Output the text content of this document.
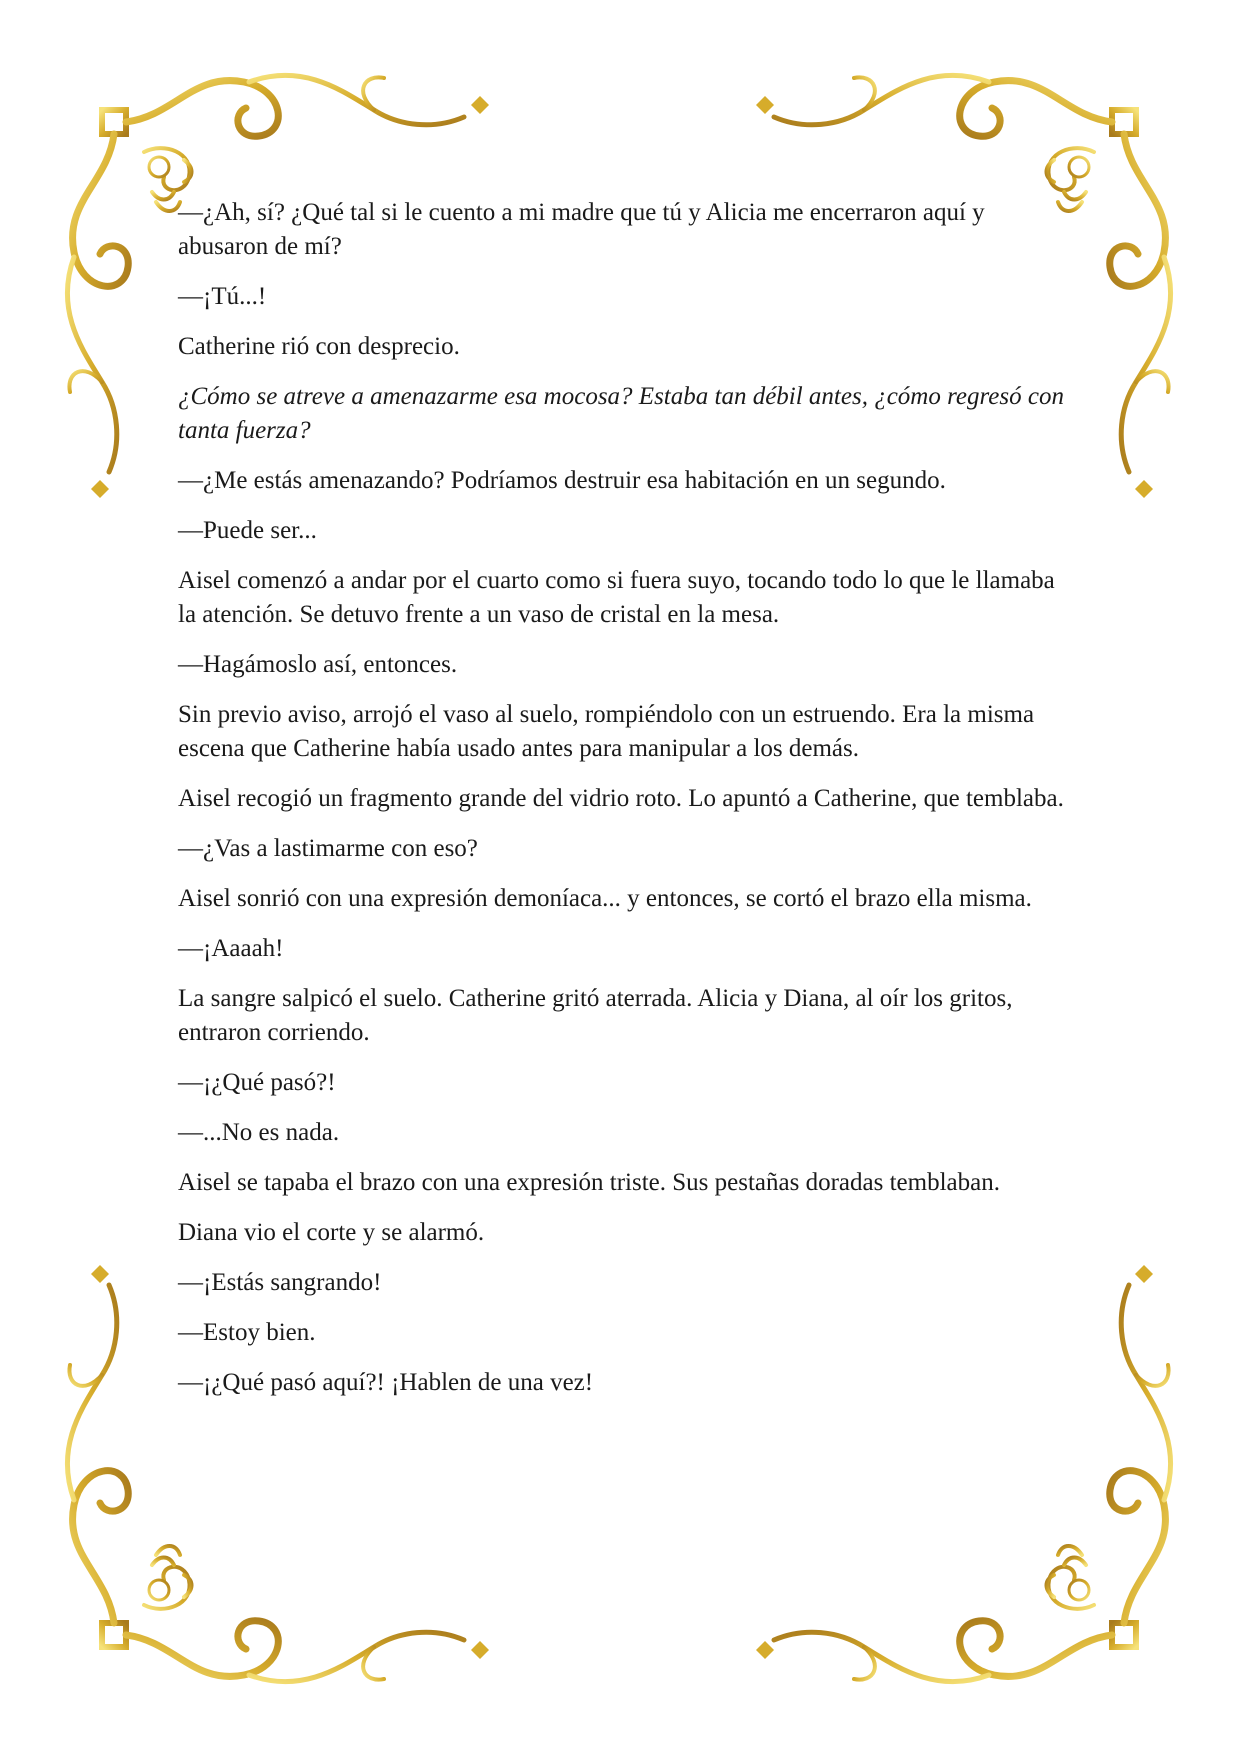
—¿Ah, sí? ¿Qué tal si le cuento a mi madre que tú y Alicia me encerraron aquí y abusaron de mí?

—¡Tú...!

Catherine rió con desprecio.

¿Cómo se atreve a amenazarme esa mocosa? Estaba tan débil antes, ¿cómo regresó con tanta fuerza?

—¿Me estás amenazando? Podríamos destruir esa habitación en un segundo.

—Puede ser...

Aisel comenzó a andar por el cuarto como si fuera suyo, tocando todo lo que le llamaba la atención. Se detuvo frente a un vaso de cristal en la mesa.

—Hagámoslo así, entonces.

Sin previo aviso, arrojó el vaso al suelo, rompiéndolo con un estruendo. Era la misma escena que Catherine había usado antes para manipular a los demás.

Aisel recogió un fragmento grande del vidrio roto. Lo apuntó a Catherine, que temblaba.

—¿Vas a lastimarme con eso?

Aisel sonrió con una expresión demoníaca... y entonces, se cortó el brazo ella misma.

—¡Aaaah!

La sangre salpicó el suelo. Catherine gritó aterrada. Alicia y Diana, al oír los gritos, entraron corriendo.

—¡¿Qué pasó?!

—...No es nada.

Aisel se tapaba el brazo con una expresión triste. Sus pestañas doradas temblaban.

Diana vio el corte y se alarmó.

—¡Estás sangrando!

—Estoy bien.

—¡¿Qué pasó aquí?! ¡Hablen de una vez!
